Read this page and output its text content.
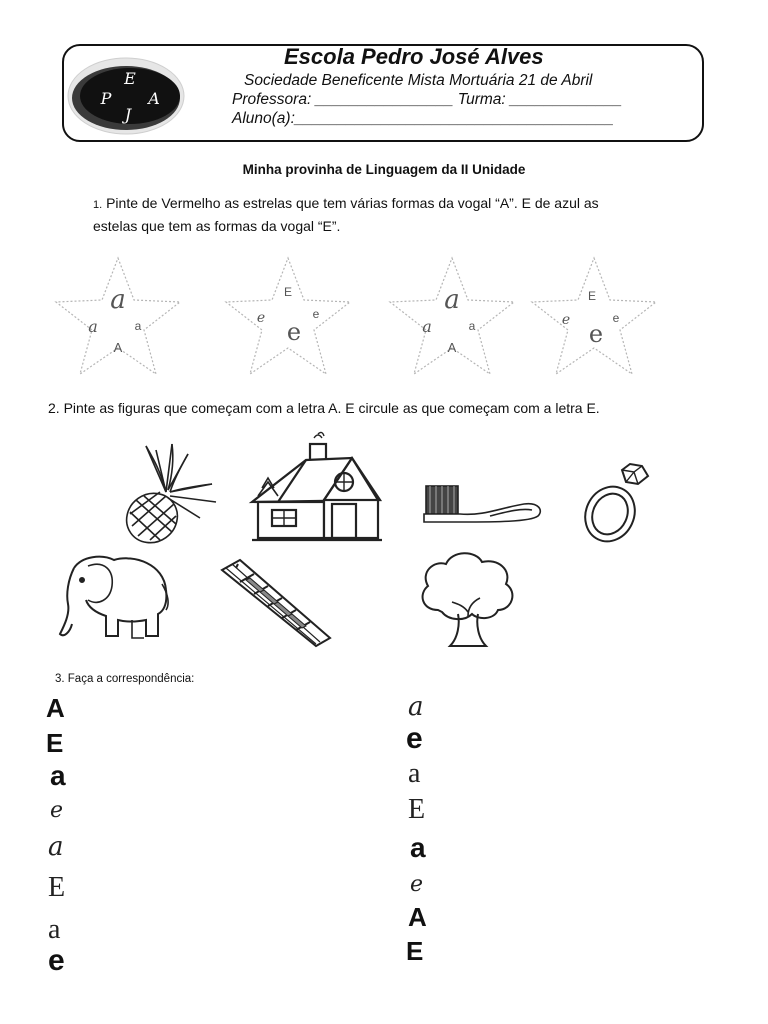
E
P A
J
Escola Pedro José Alves
Sociedade Beneficente Mista Mortuária 21 de Abril
Professora: ________________ Turma: _____________
Aluno(a):_____________________________________
Minha provinha de Linguagem da II Unidade
1. Pinte de Vermelho as estrelas que tem várias formas da vogal “A”. E de azul as
estelas que tem as formas da vogal “E”.
a
a	a
A
E
e	e
e
a
a	a
A
E
e	e
e
2. Pinte as figuras que começam com a letra A. E circule as que começam com a letra E.
3. Faça a correspondência:
A
E
a
e
a
E
a
e
a
e
a
E
a
e
A
E
